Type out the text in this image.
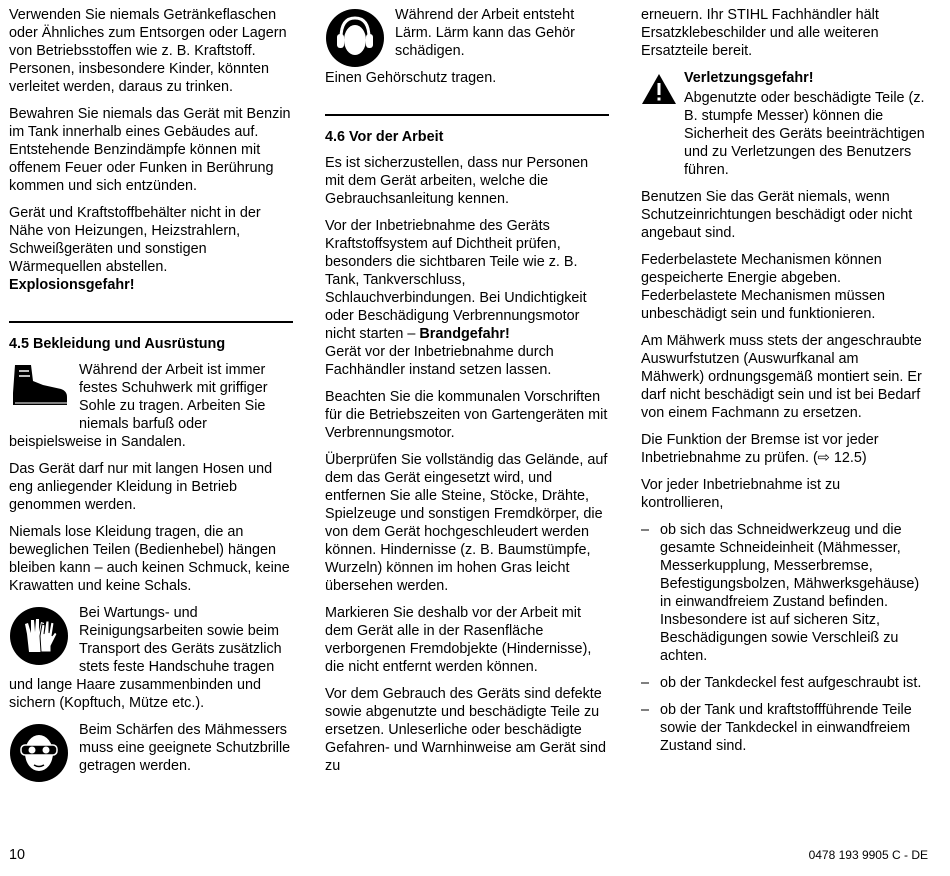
Verwenden Sie niemals Getränkeflaschen oder Ähnliches zum Entsorgen oder Lagern von Betriebsstoffen wie z. B. Kraftstoff. Personen, insbesondere Kinder, könnten verleitet werden, daraus zu trinken.

Bewahren Sie niemals das Gerät mit Benzin im Tank innerhalb eines Gebäudes auf. Entstehende Benzindämpfe können mit offenem Feuer oder Funken in Berührung kommen und sich entzünden.

Gerät und Kraftstoffbehälter nicht in der Nähe von Heizungen, Heizstrahlern, Schweißgeräten und sonstigen Wärmequellen abstellen.
Explosionsgefahr!

4.5 Bekleidung und Ausrüstung

Während der Arbeit ist immer festes Schuhwerk mit griffiger Sohle zu tragen. Arbeiten Sie niemals barfuß oder beispielsweise in Sandalen.

Das Gerät darf nur mit langen Hosen und eng anliegender Kleidung in Betrieb genommen werden.

Niemals lose Kleidung tragen, die an beweglichen Teilen (Bedienhebel) hängen bleiben kann – auch keinen Schmuck, keine Krawatten und keine Schals.

Bei Wartungs- und Reinigungsarbeiten sowie beim Transport des Geräts zusätzlich stets feste Handschuhe tragen und lange Haare zusammenbinden und sichern (Kopftuch, Mütze etc.).

Beim Schärfen des Mähmessers muss eine geeignete Schutzbrille getragen werden.

Während der Arbeit entsteht Lärm. Lärm kann das Gehör schädigen.

Einen Gehörschutz tragen.

4.6 Vor der Arbeit

Es ist sicherzustellen, dass nur Personen mit dem Gerät arbeiten, welche die Gebrauchsanleitung kennen.

Vor der Inbetriebnahme des Geräts Kraftstoffsystem auf Dichtheit prüfen, besonders die sichtbaren Teile wie z. B. Tank, Tankverschluss, Schlauchverbindungen. Bei Undichtigkeit oder Beschädigung Verbrennungsmotor nicht starten – Brandgefahr!
Gerät vor der Inbetriebnahme durch Fachhändler instand setzen lassen.

Beachten Sie die kommunalen Vorschriften für die Betriebszeiten von Gartengeräten mit Verbrennungsmotor.

Überprüfen Sie vollständig das Gelände, auf dem das Gerät eingesetzt wird, und entfernen Sie alle Steine, Stöcke, Drähte, Spielzeuge und sonstigen Fremdkörper, die von dem Gerät hochgeschleudert werden können. Hindernisse (z. B. Baumstümpfe, Wurzeln) können im hohen Gras leicht übersehen werden.

Markieren Sie deshalb vor der Arbeit mit dem Gerät alle in der Rasenfläche verborgenen Fremdobjekte (Hindernisse), die nicht entfernt werden können.

Vor dem Gebrauch des Geräts sind defekte sowie abgenutzte und beschädigte Teile zu ersetzen. Unleserliche oder beschädigte Gefahren- und Warnhinweise am Gerät sind zu

erneuern. Ihr STIHL Fachhändler hält Ersatzklebeschilder und alle weiteren Ersatzteile bereit.

Verletzungsgefahr!

Abgenutzte oder beschädigte Teile (z. B. stumpfe Messer) können die Sicherheit des Geräts beeinträchtigen und zu Verletzungen des Benutzers führen.

Benutzen Sie das Gerät niemals, wenn Schutzeinrichtungen beschädigt oder nicht angebaut sind.

Federbelastete Mechanismen können gespeicherte Energie abgeben. Federbelastete Mechanismen müssen unbeschädigt sein und funktionieren.

Am Mähwerk muss stets der angeschraubte Auswurfstutzen (Auswurfkanal am Mähwerk) ordnungsgemäß montiert sein. Er darf nicht beschädigt sein und ist bei Bedarf von einem Fachmann zu ersetzen.

Die Funktion der Bremse ist vor jeder Inbetriebnahme zu prüfen. (⇨ 12.5)

Vor jeder Inbetriebnahme ist zu kontrollieren,

– ob sich das Schneidwerkzeug und die gesamte Schneideinheit (Mähmesser, Messerkupplung, Messerbremse, Befestigungsbolzen, Mähwerksgehäuse) in einwandfreiem Zustand befinden. Insbesondere ist auf sicheren Sitz, Beschädigungen sowie Verschleiß zu achten.
– ob der Tankdeckel fest aufgeschraubt ist.
– ob der Tank und kraftstoffführende Teile sowie der Tankdeckel in einwandfreiem Zustand sind.
10	0478 193 9905 C - DE
